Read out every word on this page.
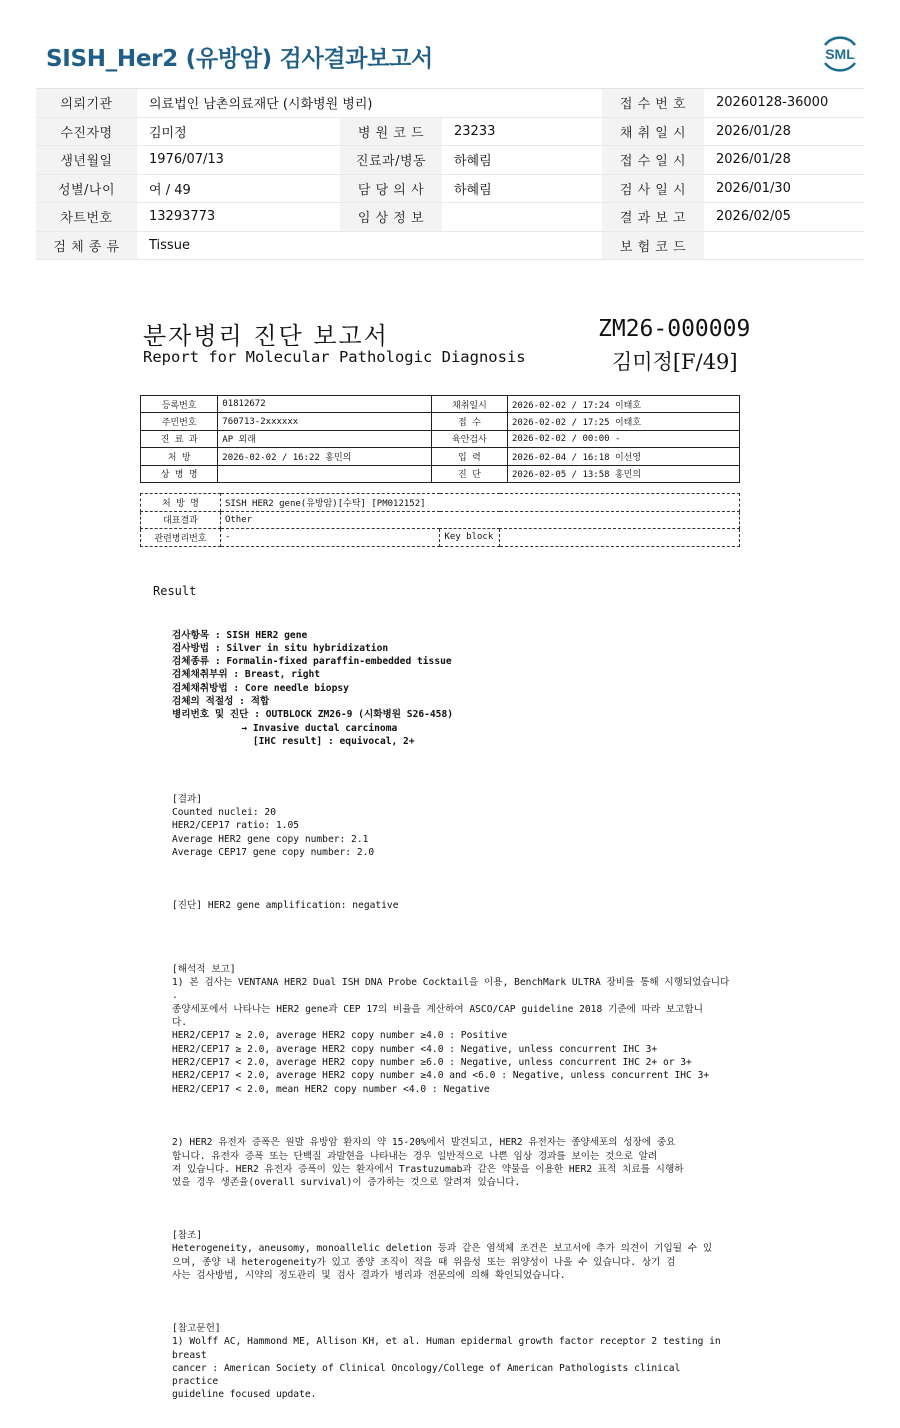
SISH_Her2 (유방암) 검사결과보고서	SML
의뢰기관	의료법인 남촌의료재단 (시화병원 병리)			접 수 번 호	20260128-36000
수진자명	김미정	병 원 코 드	23233	채 취 일 시	2026/01/28
생년월일	1976/07/13	진료과/병동	하혜림	접 수 일 시	2026/01/28
성별/나이	여 / 49	담 당 의 사	하혜림	검 사 일 시	2026/01/30
차트번호	13293773	임 상 정 보		결 과 보 고	2026/02/05
검 체 종 류	Tissue			보 험 코 드	
분자병리 진단 보고서
Report for Molecular Pathologic Diagnosis
ZM26-000009
김미정[F/49]
등록번호	01812672	채취일시	2026-02-02 / 17:24 이태호
주민번호	760713-2xxxxxx	접 수	2026-02-02 / 17:25 이태호
진 료 과	AP 외래	육안검사	2026-02-02 / 00:00 -
처 방	2026-02-02 / 16:22 홍민의	입 력	2026-02-04 / 16:18 이선영
상 병 명		진 단	2026-02-05 / 13:58 홍민의
처 방 명	SISH HER2 gene(유방암)[수탁] [PM012152]		
대표결과	Other		
관련병리번호	-	Key block	
Result

검사항목 : SISH HER2 gene
검사방법 : Silver in situ hybridization
검체종류 : Formalin-fixed paraffin-embedded tissue
검체채취부위 : Breast, right
검체채취방법 : Core needle biopsy
검체의 적절성 : 적합
병리번호 및 진단 : OUTBLOCK ZM26-9 (시화병원 S26-458)
→ Invasive ductal carcinoma
[IHC result] : equivocal, 2+

[결과]
Counted nuclei: 20
HER2/CEP17 ratio: 1.05
Average HER2 gene copy number: 2.1
Average CEP17 gene copy number: 2.0

[진단] HER2 gene amplification: negative

[해석적 보고]
1) 본 검사는 VENTANA HER2 Dual ISH DNA Probe Cocktail을 이용, BenchMark ULTRA 장비를 통해 시행되었습니다
.
종양세포에서 나타나는 HER2 gene과 CEP 17의 비율을 계산하여 ASCO/CAP guideline 2018 기준에 따라 보고합니
다.
HER2/CEP17 ≥ 2.0, average HER2 copy number ≥4.0 : Positive
HER2/CEP17 ≥ 2.0, average HER2 copy number <4.0 : Negative, unless concurrent IHC 3+
HER2/CEP17 < 2.0, average HER2 copy number ≥6.0 : Negative, unless concurrent IHC 2+ or 3+
HER2/CEP17 < 2.0, average HER2 copy number ≥4.0 and <6.0 : Negative, unless concurrent IHC 3+
HER2/CEP17 < 2.0, mean HER2 copy number <4.0 : Negative

2) HER2 유전자 증폭은 원발 유방암 환자의 약 15-20%에서 발견되고, HER2 유전자는 종양세포의 성장에 중요
합니다. 유전자 증폭 또는 단백질 과발현을 나타내는 경우 일반적으로 나쁜 임상 경과를 보이는 것으로 알려
져 있습니다. HER2 유전자 증폭이 있는 환자에서 Trastuzumab과 같은 약물을 이용한 HER2 표적 치료를 시행하
였을 경우 생존율(overall survival)이 증가하는 것으로 알려져 있습니다.

[참조]
Heterogeneity, aneusomy, monoallelic deletion 등과 같은 염색체 조건은 보고서에 추가 의견이 기입될 수 있
으며, 종양 내 heterogeneity가 있고 종양 조직이 적을 때 위음성 또는 위양성이 나올 수 있습니다. 상기 검
사는 검사방법, 시약의 정도관리 및 검사 결과가 병리과 전문의에 의해 확인되었습니다.

[참고문헌]
1) Wolff AC, Hammond ME, Allison KH, et al. Human epidermal growth factor receptor 2 testing in breast
cancer : American Society of Clinical Oncology/College of American Pathologists clinical practice
guideline focused update.
